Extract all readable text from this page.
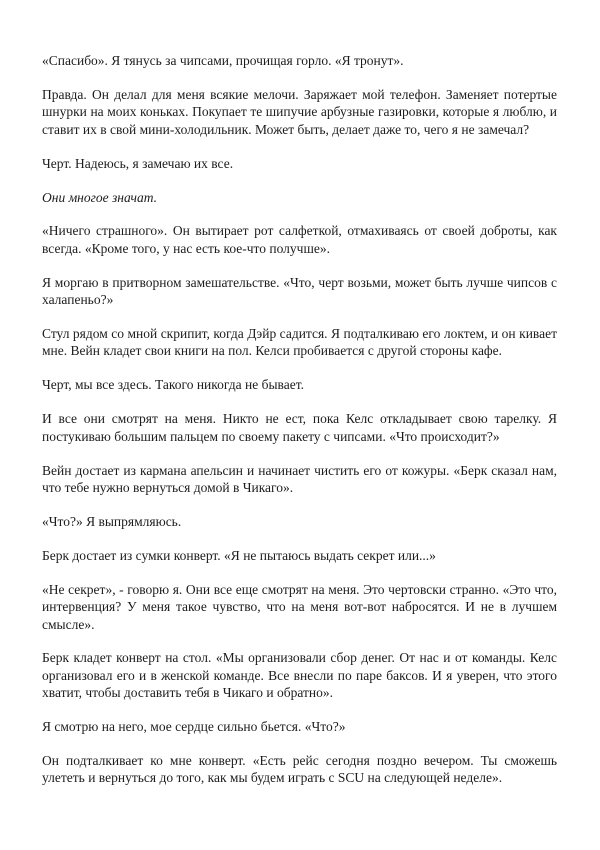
«Спасибо». Я тянусь за чипсами, прочищая горло. «Я тронут».

Правда. Он делал для меня всякие мелочи. Заряжает мой телефон. Заменяет потертые шнурки на моих коньках. Покупает те шипучие арбузные газировки, которые я люблю, и ставит их в свой мини-холодильник. Может быть, делает даже то, чего я не замечал?

Черт. Надеюсь, я замечаю их все.

Они многое значат.

«Ничего страшного». Он вытирает рот салфеткой, отмахиваясь от своей доброты, как всегда. «Кроме того, у нас есть кое-что получше».

Я моргаю в притворном замешательстве. «Что, черт возьми, может быть лучше чипсов с халапеньо?»

Стул рядом со мной скрипит, когда Дэйр садится. Я подталкиваю его локтем, и он кивает мне. Вейн кладет свои книги на пол. Келси пробивается с другой стороны кафе.

Черт, мы все здесь. Такого никогда не бывает.

И все они смотрят на меня. Никто не ест, пока Келс откладывает свою тарелку. Я постукиваю большим пальцем по своему пакету с чипсами. «Что происходит?»

Вейн достает из кармана апельсин и начинает чистить его от кожуры. «Берк сказал нам, что тебе нужно вернуться домой в Чикаго».

«Что?» Я выпрямляюсь.

Берк достает из сумки конверт. «Я не пытаюсь выдать секрет или...»

«Не секрет», - говорю я. Они все еще смотрят на меня. Это чертовски странно. «Это что, интервенция? У меня такое чувство, что на меня вот-вот набросятся. И не в лучшем смысле».

Берк кладет конверт на стол. «Мы организовали сбор денег. От нас и от команды. Келс организовал его и в женской команде. Все внесли по паре баксов. И я уверен, что этого хватит, чтобы доставить тебя в Чикаго и обратно».

Я смотрю на него, мое сердце сильно бьется. «Что?»

Он подталкивает ко мне конверт. «Есть рейс сегодня поздно вечером. Ты сможешь улететь и вернуться до того, как мы будем играть с SCU на следующей неделе».
